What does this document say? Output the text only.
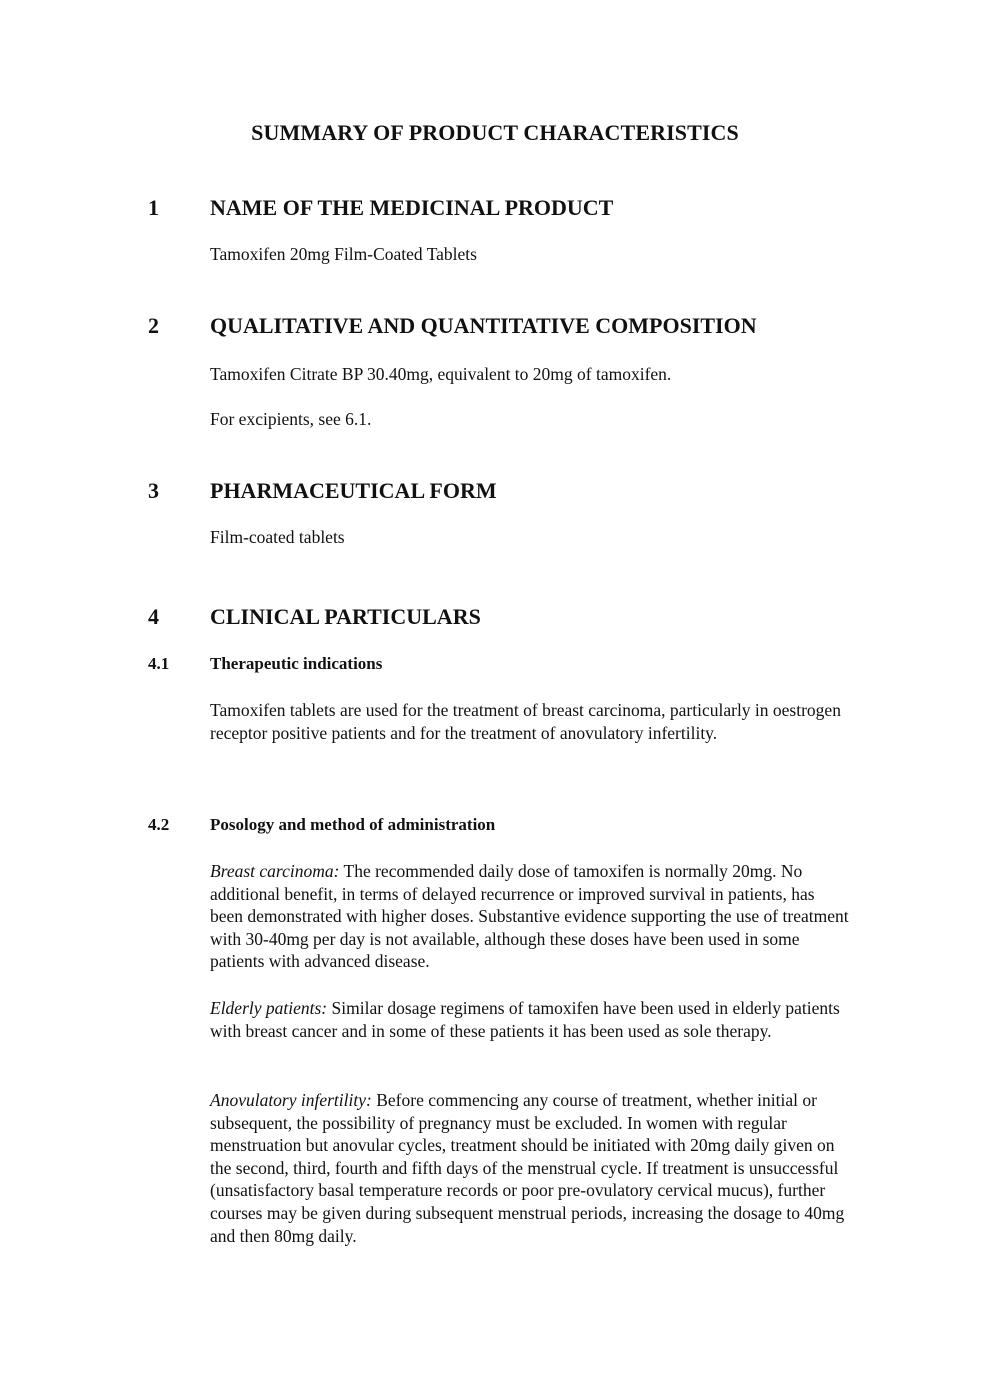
SUMMARY OF PRODUCT CHARACTERISTICS
1 NAME OF THE MEDICINAL PRODUCT
Tamoxifen 20mg Film-Coated Tablets
2 QUALITATIVE AND QUANTITATIVE COMPOSITION
Tamoxifen Citrate BP 30.40mg, equivalent to 20mg of tamoxifen.
For excipients, see 6.1.
3 PHARMACEUTICAL FORM
Film-coated tablets
4 CLINICAL PARTICULARS
4.1 Therapeutic indications
Tamoxifen tablets are used for the treatment of breast carcinoma, particularly in oestrogen receptor positive patients and for the treatment of anovulatory infertility.
4.2 Posology and method of administration
Breast carcinoma: The recommended daily dose of tamoxifen is normally 20mg. No additional benefit, in terms of delayed recurrence or improved survival in patients, has been demonstrated with higher doses. Substantive evidence supporting the use of treatment with 30-40mg per day is not available, although these doses have been used in some patients with advanced disease.
Elderly patients: Similar dosage regimens of tamoxifen have been used in elderly patients with breast cancer and in some of these patients it has been used as sole therapy.
Anovulatory infertility: Before commencing any course of treatment, whether initial or subsequent, the possibility of pregnancy must be excluded. In women with regular menstruation but anovular cycles, treatment should be initiated with 20mg daily given on the second, third, fourth and fifth days of the menstrual cycle. If treatment is unsuccessful (unsatisfactory basal temperature records or poor pre-ovulatory cervical mucus), further courses may be given during subsequent menstrual periods, increasing the dosage to 40mg and then 80mg daily.
